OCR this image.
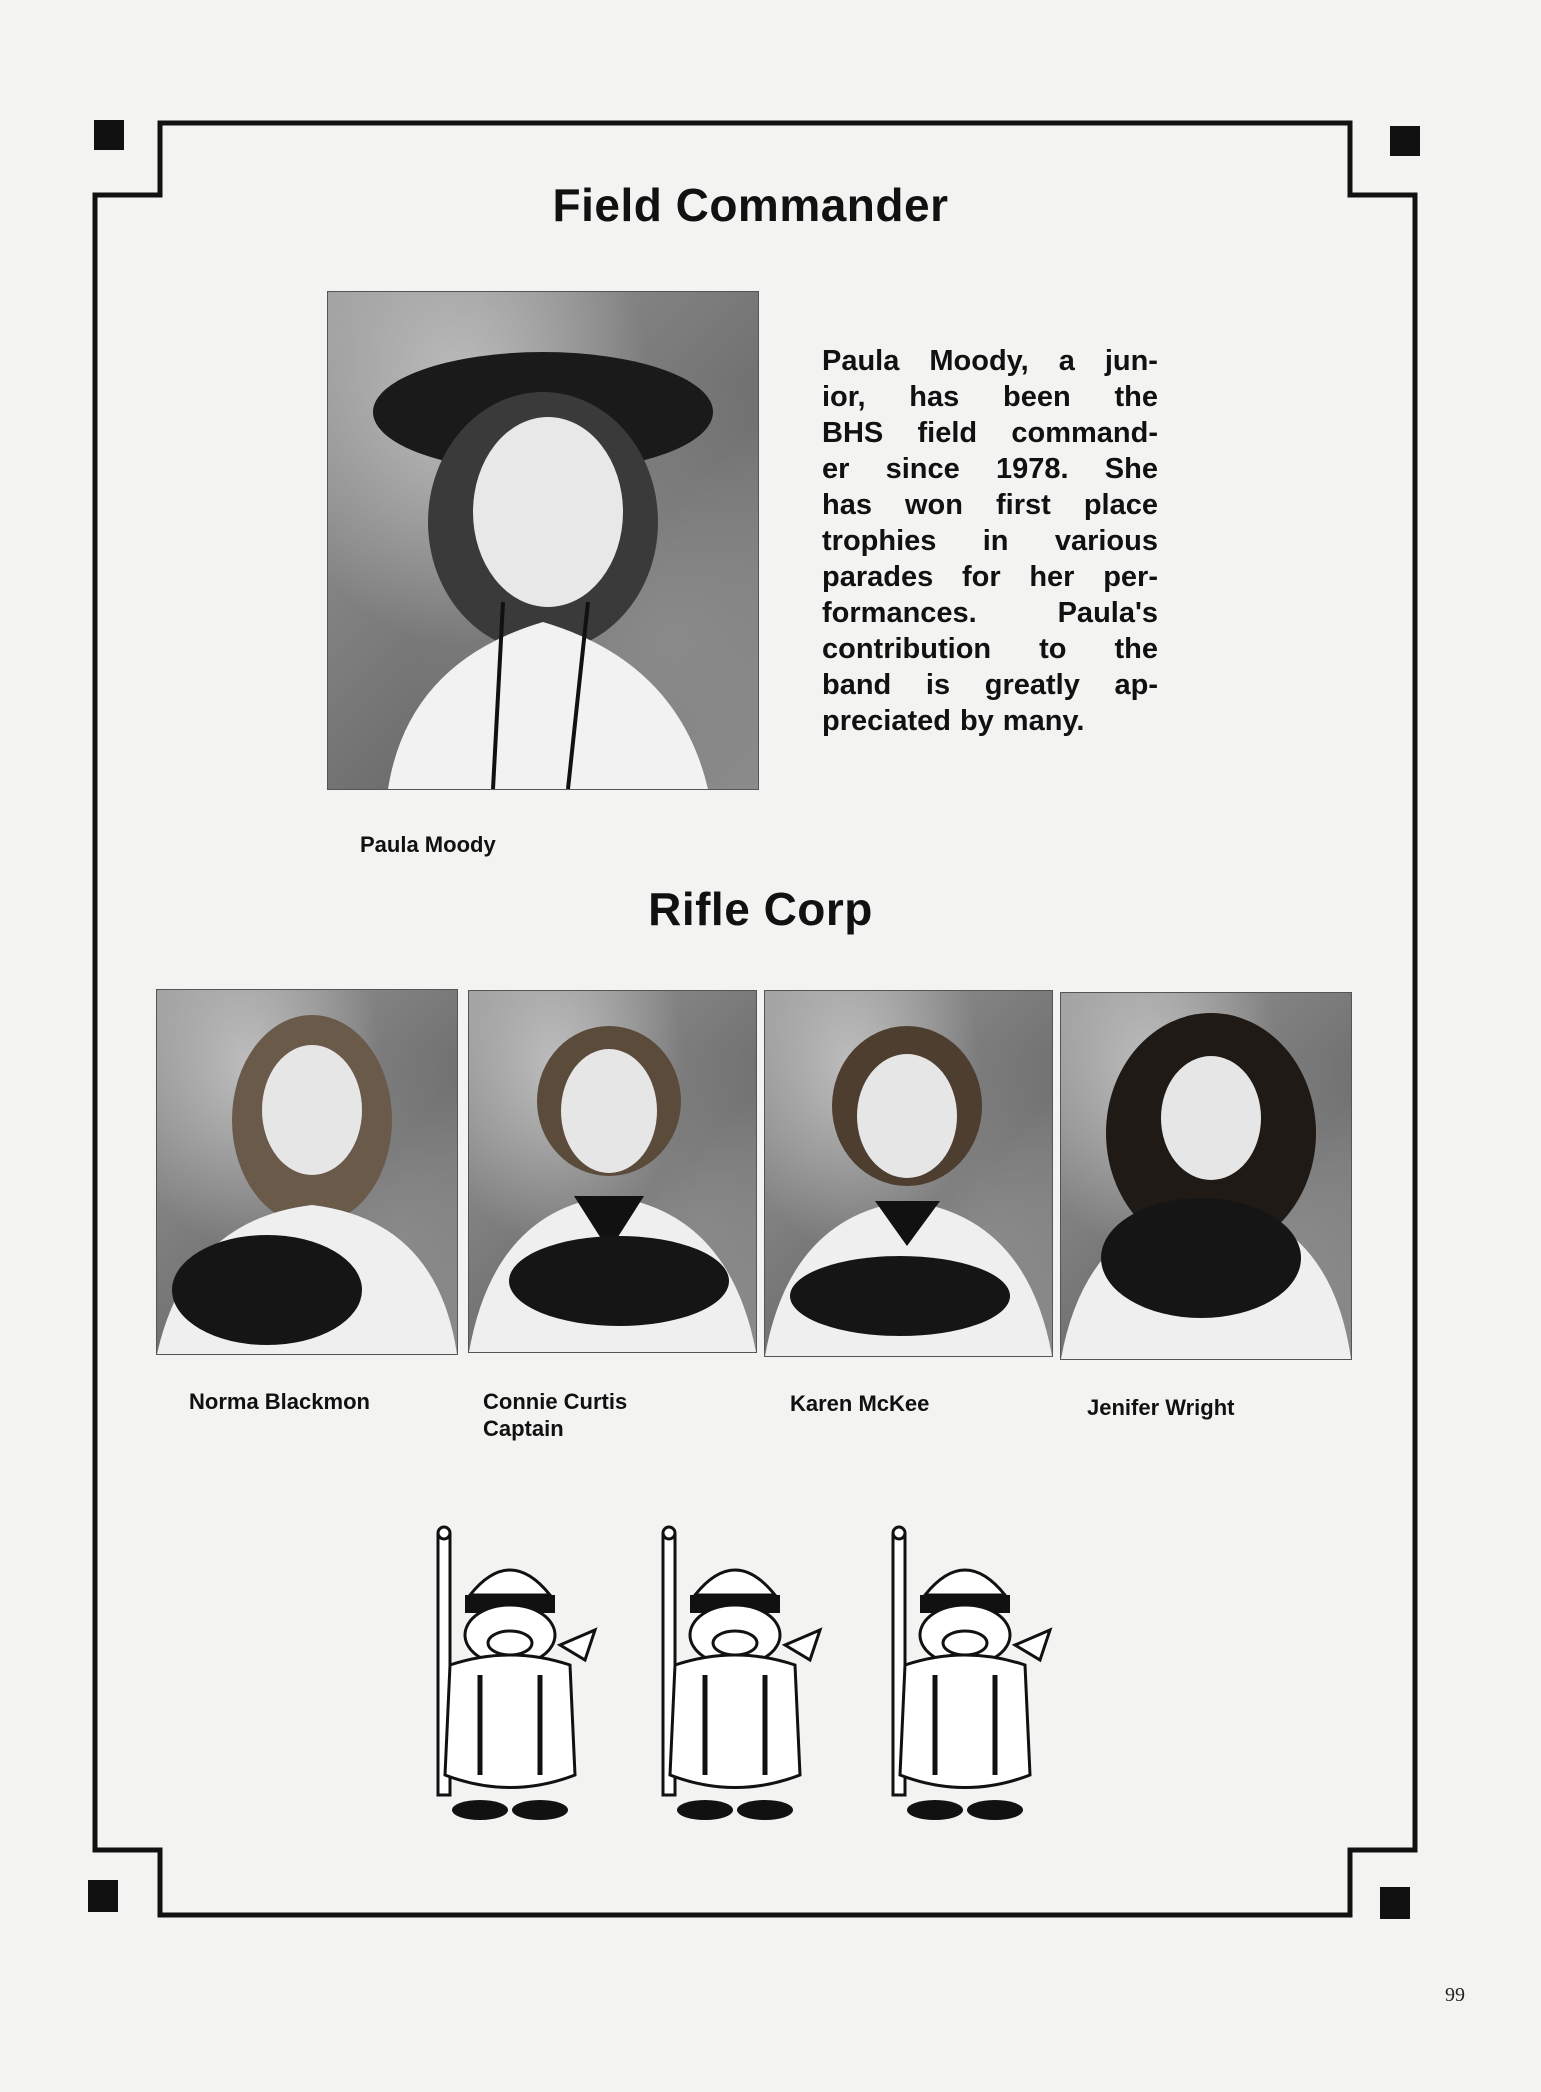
Field Commander
Paula Moody, a jun-
ior, has been the
BHS field command-
er since 1978. She
has won first place
trophies in various
parades for her per-
formances.	Paula's
contribution to the
band is greatly ap-
preciated by many.
Paula Moody
Rifle Corp
Norma Blackmon	Connie Curtis
Captain
Karen McKee	Jenifer Wright
99
